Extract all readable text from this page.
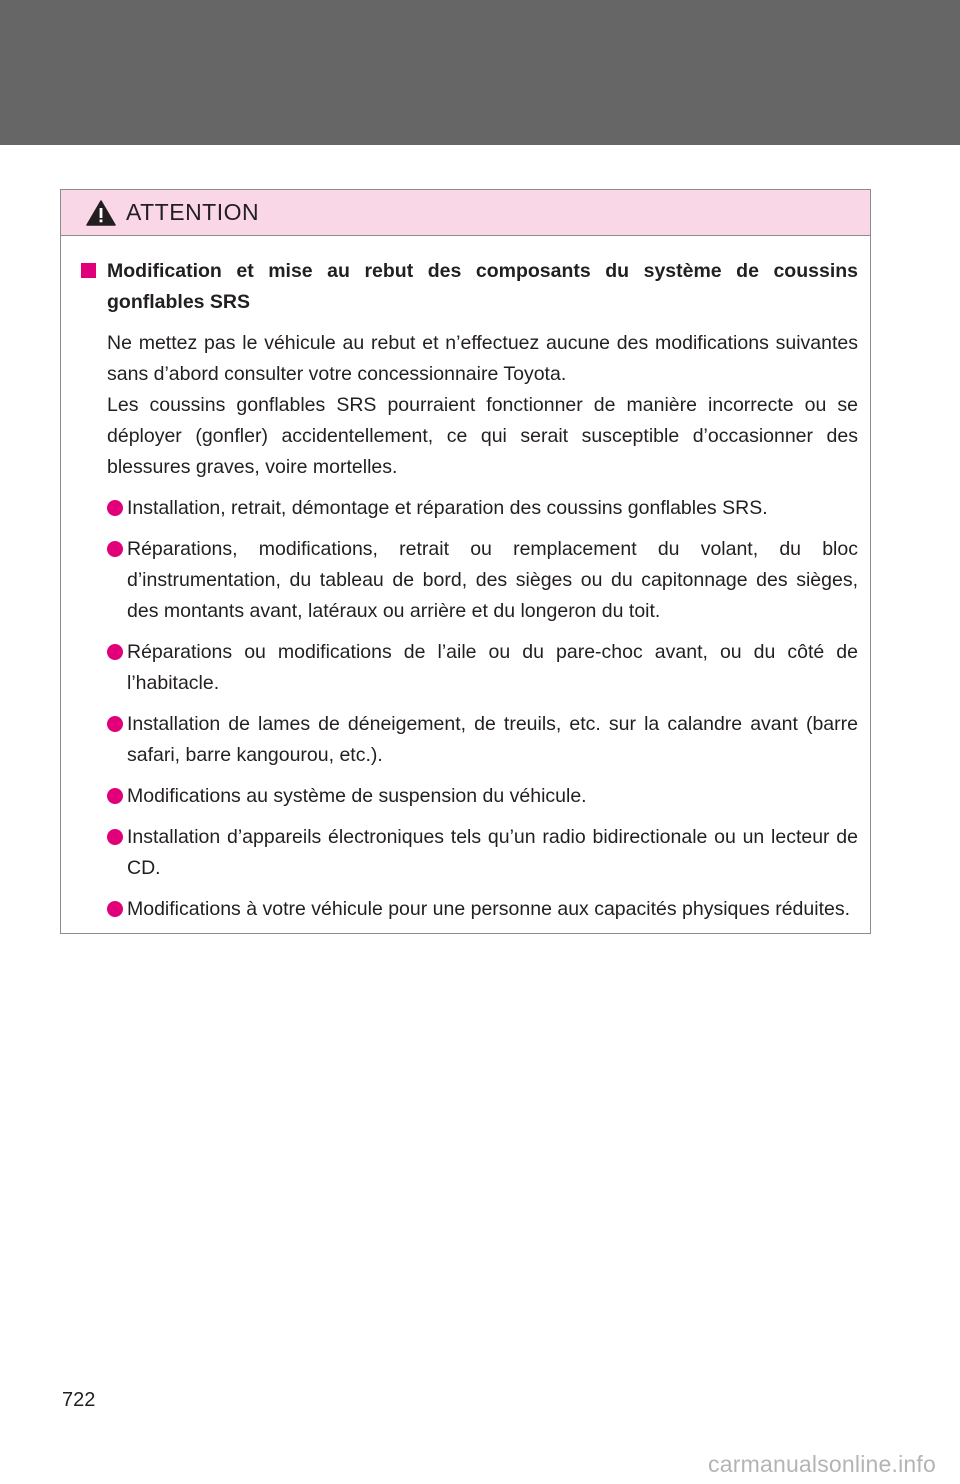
ATTENTION
Modification et mise au rebut des composants du système de coussins gonflables SRS
Ne mettez pas le véhicule au rebut et n’effectuez aucune des modifications suivantes sans d’abord consulter votre concessionnaire Toyota.
Les coussins gonflables SRS pourraient fonctionner de manière incorrecte ou se déployer (gonfler) accidentellement, ce qui serait susceptible d’occasionner des blessures graves, voire mortelles.
Installation, retrait, démontage et réparation des coussins gonflables SRS.
Réparations, modifications, retrait ou remplacement du volant, du bloc d’instrumentation, du tableau de bord, des sièges ou du capitonnage des sièges, des montants avant, latéraux ou arrière et du longeron du toit.
Réparations ou modifications de l’aile ou du pare-choc avant, ou du côté de l’habitacle.
Installation de lames de déneigement, de treuils, etc. sur la calandre avant (barre safari, barre kangourou, etc.).
Modifications au système de suspension du véhicule.
Installation d’appareils électroniques tels qu’un radio bidirectionale ou un lecteur de CD.
Modifications à votre véhicule pour une personne aux capacités physiques réduites.
722
carmanualsonline.info
